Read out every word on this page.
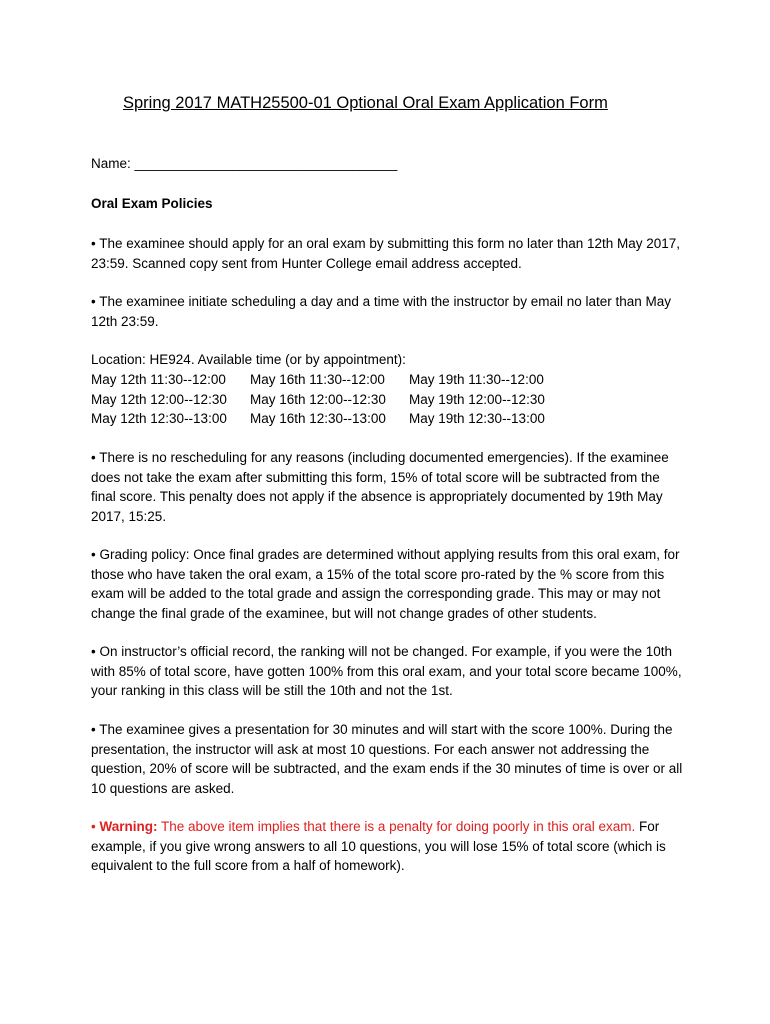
Spring 2017 MATH25500-01 Optional Oral Exam Application Form
Name: ___________________________________
Oral Exam Policies
• The examinee should apply for an oral exam by submitting this form no later than 12th May 2017, 23:59. Scanned copy sent from Hunter College email address accepted.
• The examinee initiate scheduling a day and a time with the instructor by email no later than May 12th 23:59.
Location: HE924. Available time (or by appointment):
May 12th 11:30--12:00	May 16th 11:30--12:00	May 19th 11:30--12:00
May 12th 12:00--12:30	May 16th 12:00--12:30	May 19th 12:00--12:30
May 12th 12:30--13:00	May 16th 12:30--13:00	May 19th 12:30--13:00
• There is no rescheduling for any reasons (including documented emergencies). If the examinee does not take the exam after submitting this form, 15% of total score will be subtracted from the final score. This penalty does not apply if the absence is appropriately documented by 19th May 2017, 15:25.
• Grading policy: Once final grades are determined without applying results from this oral exam, for those who have taken the oral exam, a 15% of the total score pro-rated by the % score from this exam will be added to the total grade and assign the corresponding grade. This may or may not change the final grade of the examinee, but will not change grades of other students.
• On instructor’s official record, the ranking will not be changed. For example, if you were the 10th with 85% of total score, have gotten 100% from this oral exam, and your total score became 100%, your ranking in this class will be still the 10th and not the 1st.
• The examinee gives a presentation for 30 minutes and will start with the score 100%. During the presentation, the instructor will ask at most 10 questions. For each answer not addressing the question, 20% of score will be subtracted, and the exam ends if the 30 minutes of time is over or all 10 questions are asked.
• Warning: The above item implies that there is a penalty for doing poorly in this oral exam. For example, if you give wrong answers to all 10 questions, you will lose 15% of total score (which is equivalent to the full score from a half of homework).
